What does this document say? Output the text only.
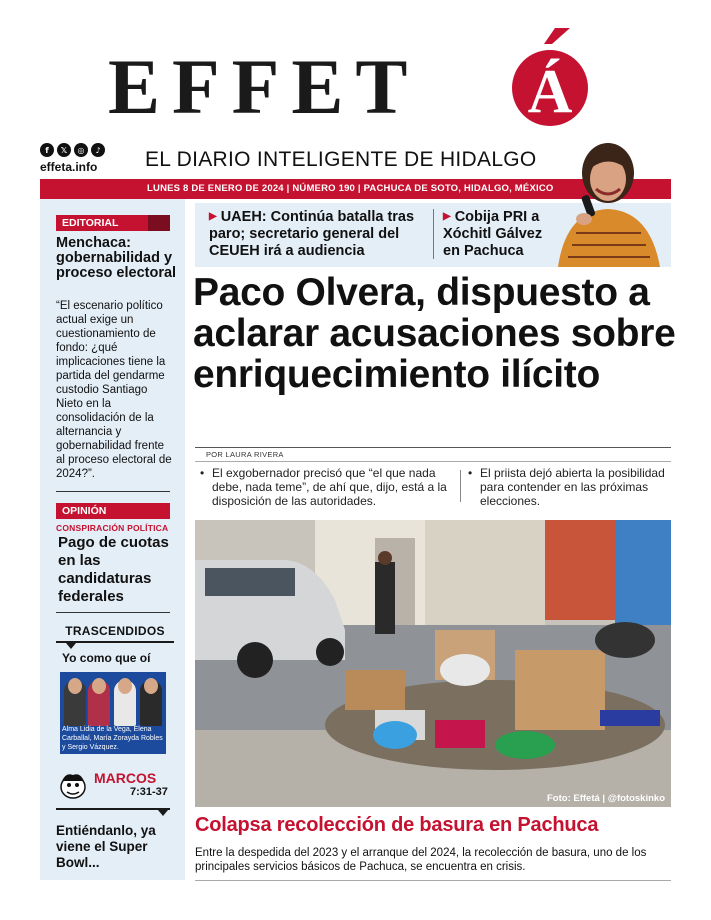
EFFET Á
f	𝕏	◎	♪
effeta.info EL DIARIO INTELIGENTE DE HIDALGO
LUNES 8 DE ENERO DE 2024 | NÚMERO 190 | PACHUCA DE SOTO, HIDALGO, MÉXICO
EDITORIAL
Menchaca: gobernabilidad y proceso electoral
“El escenario político actual exige un cuestionamiento de fondo: ¿qué implicaciones tiene la partida del gendarme custodio Santiago Nieto en la consolidación de la alternancia y gobernabilidad frente al proceso electoral de 2024?”.
OPINIÓN
CONSPIRACIÓN POLÍTICA
Pago de cuotas en las candidaturas federales
TRASCENDIDOS
Yo como que oí
Alma Lidia de la Vega, Elena Carballal, María Zorayda Robles y Sergio Vázquez.
MARCOS
7:31-37
Entiéndanlo, ya viene el Super Bowl...
▶ UAEH: Continúa batalla tras paro; secretario general del CEUEH irá a audiencia
▶ Cobija PRI a Xóchitl Gálvez en Pachuca
Paco Olvera, dispuesto a aclarar acusaciones sobre enriquecimiento ilícito
POR LAURA RIVERA
• El exgobernador precisó que “el que nada debe, nada teme”, de ahí que, dijo, está a la disposición de las autoridades.
• El priista dejó abierta la posibilidad para contender en las próximas elecciones.
Foto: Effetá | @fotoskinko
Colapsa recolección de basura en Pachuca
Entre la despedida del 2023 y el arranque del 2024, la recolección de basura, uno de los principales servicios básicos de Pachuca, se encuentra en crisis.
